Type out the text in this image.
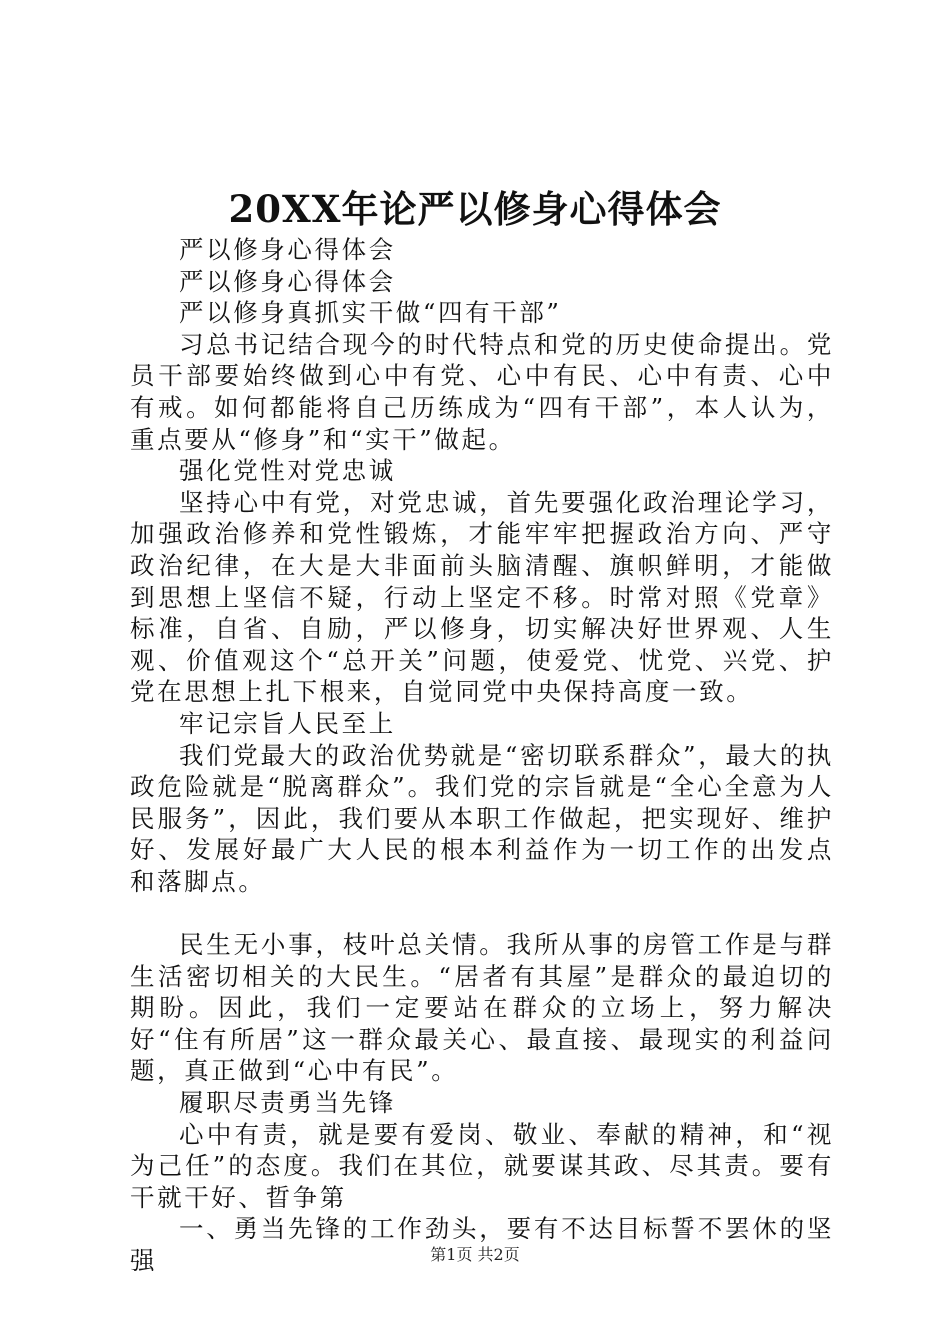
20XX年论严以修身心得体会

严以修身心得体会

严以修身心得体会

严以修身真抓实干做“四有干部”

习总书记结合现今的时代特点和党的历史使命提出。党员干部要始终做到心中有党、心中有民、心中有责、心中有戒。如何都能将自己历练成为“四有干部”，本人认为，重点要从“修身”和“实干”做起。

强化党性对党忠诚

坚持心中有党，对党忠诚，首先要强化政治理论学习，加强政治修养和党性锻炼，才能牢牢把握政治方向、严守政治纪律，在大是大非面前头脑清醒、旗帜鲜明，才能做到思想上坚信不疑，行动上坚定不移。时常对照《党章》标准，自省、自励，严以修身，切实解决好世界观、人生观、价值观这个“总开关”问题，使爱党、忧党、兴党、护党在思想上扎下根来，自觉同党中央保持高度一致。

牢记宗旨人民至上

我们党最大的政治优势就是“密切联系群众”，最大的执政危险就是“脱离群众”。我们党的宗旨就是“全心全意为人民服务”，因此，我们要从本职工作做起，把实现好、维护好、发展好最广大人民的根本利益作为一切工作的出发点和落脚点。

民生无小事，枝叶总关情。我所从事的房管工作是与群生活密切相关的大民生。“居者有其屋”是群众的最迫切的期盼。因此，我们一定要站在群众的立场上，努力解决好“住有所居”这一群众最关心、最直接、最现实的利益问题，真正做到“心中有民”。

履职尽责勇当先锋

心中有责，就是要有爱岗、敬业、奉献的精神，和“视为己任”的态度。我们在其位，就要谋其政、尽其责。要有干就干好、晢争第

一、勇当先锋的工作劲头，要有不达目标誓不罢休的坚强	第1页 共2页
